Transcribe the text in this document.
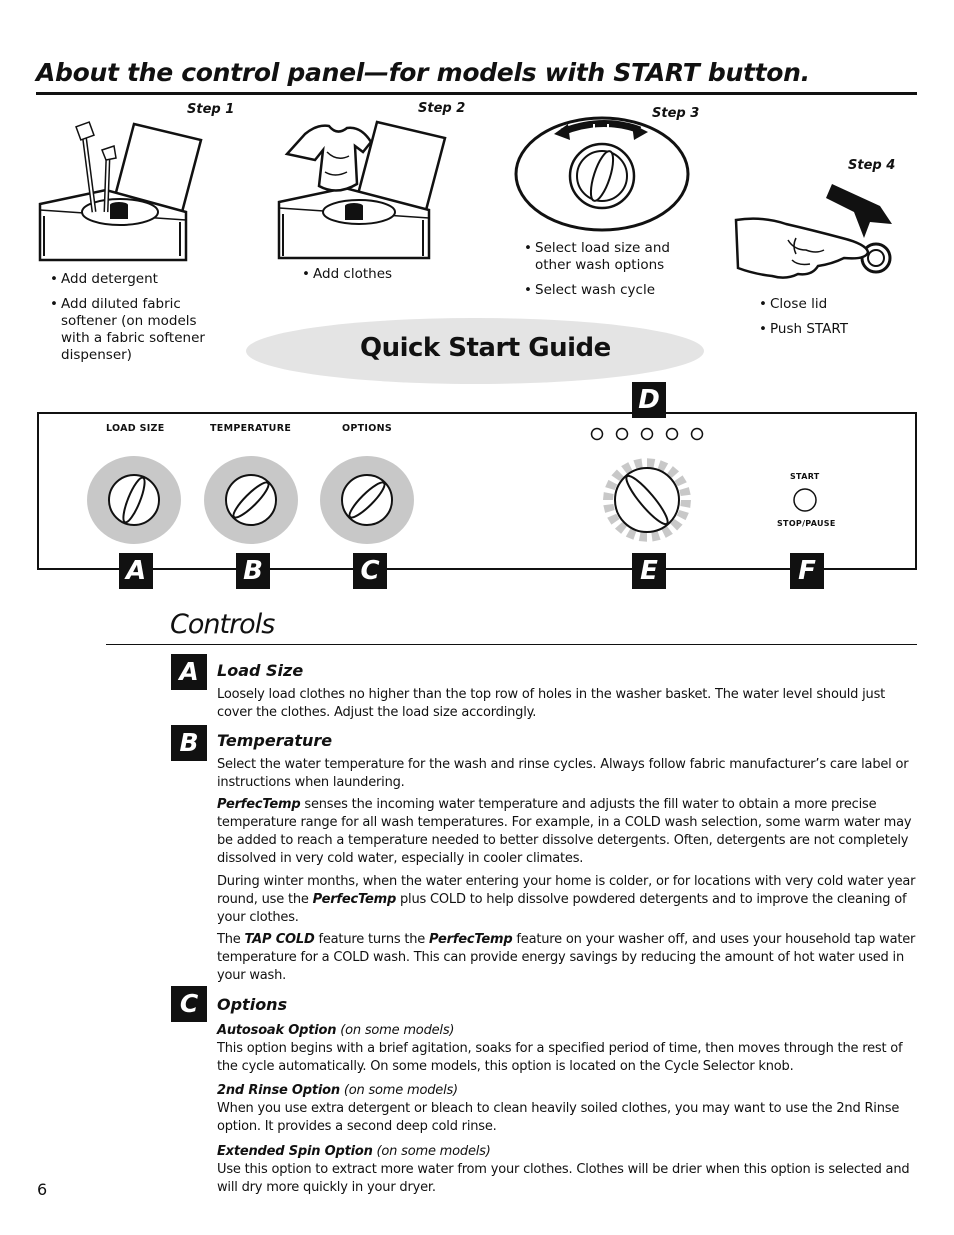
About the control panel—for models with START button.
Step 1	Step 2	Step 3
Step 4
• Add detergent
• Add diluted fabric softener (on models with a fabric softener dispenser)
• Add clothes
• Select load size and other wash options
• Select wash cycle
• Close lid
• Push START
Quick Start Guide
LOAD SIZE	TEMPERATURE	OPTIONS
START
STOP/PAUSE
A	B	C
D
E	F
Controls
A	Load Size

Loosely load clothes no higher than the top row of holes in the washer basket. The water level should just cover the clothes. Adjust the load size accordingly.

B	Temperature

Select the water temperature for the wash and rinse cycles. Always follow fabric manufacturer’s care label or instructions when laundering.

PerfecTemp senses the incoming water temperature and adjusts the fill water to obtain a more precise temperature range for all wash temperatures. For example, in a COLD wash selection, some warm water may be added to reach a temperature needed to better dissolve detergents. Often, detergents are not completely dissolved in very cold water, especially in cooler climates.

During winter months, when the water entering your home is colder, or for locations with very cold water year round, use the PerfecTemp plus COLD to help dissolve powdered detergents and to improve the cleaning of your clothes.

The TAP COLD feature turns the PerfecTemp feature on your washer off, and uses your household tap water temperature for a COLD wash. This can provide energy savings by reducing the amount of hot water used in your wash.

C	Options

Autosoak Option (on some models)
This option begins with a brief agitation, soaks for a specified period of time, then moves through the rest of the cycle automatically. On some models, this option is located on the Cycle Selector knob.

2nd Rinse Option (on some models)
When you use extra detergent or bleach to clean heavily soiled clothes, you may want to use the 2nd Rinse option. It provides a second deep cold rinse.

Extended Spin Option (on some models)
Use this option to extract more water from your clothes. Clothes will be drier when this option is selected and will dry more quickly in your dryer.

6
